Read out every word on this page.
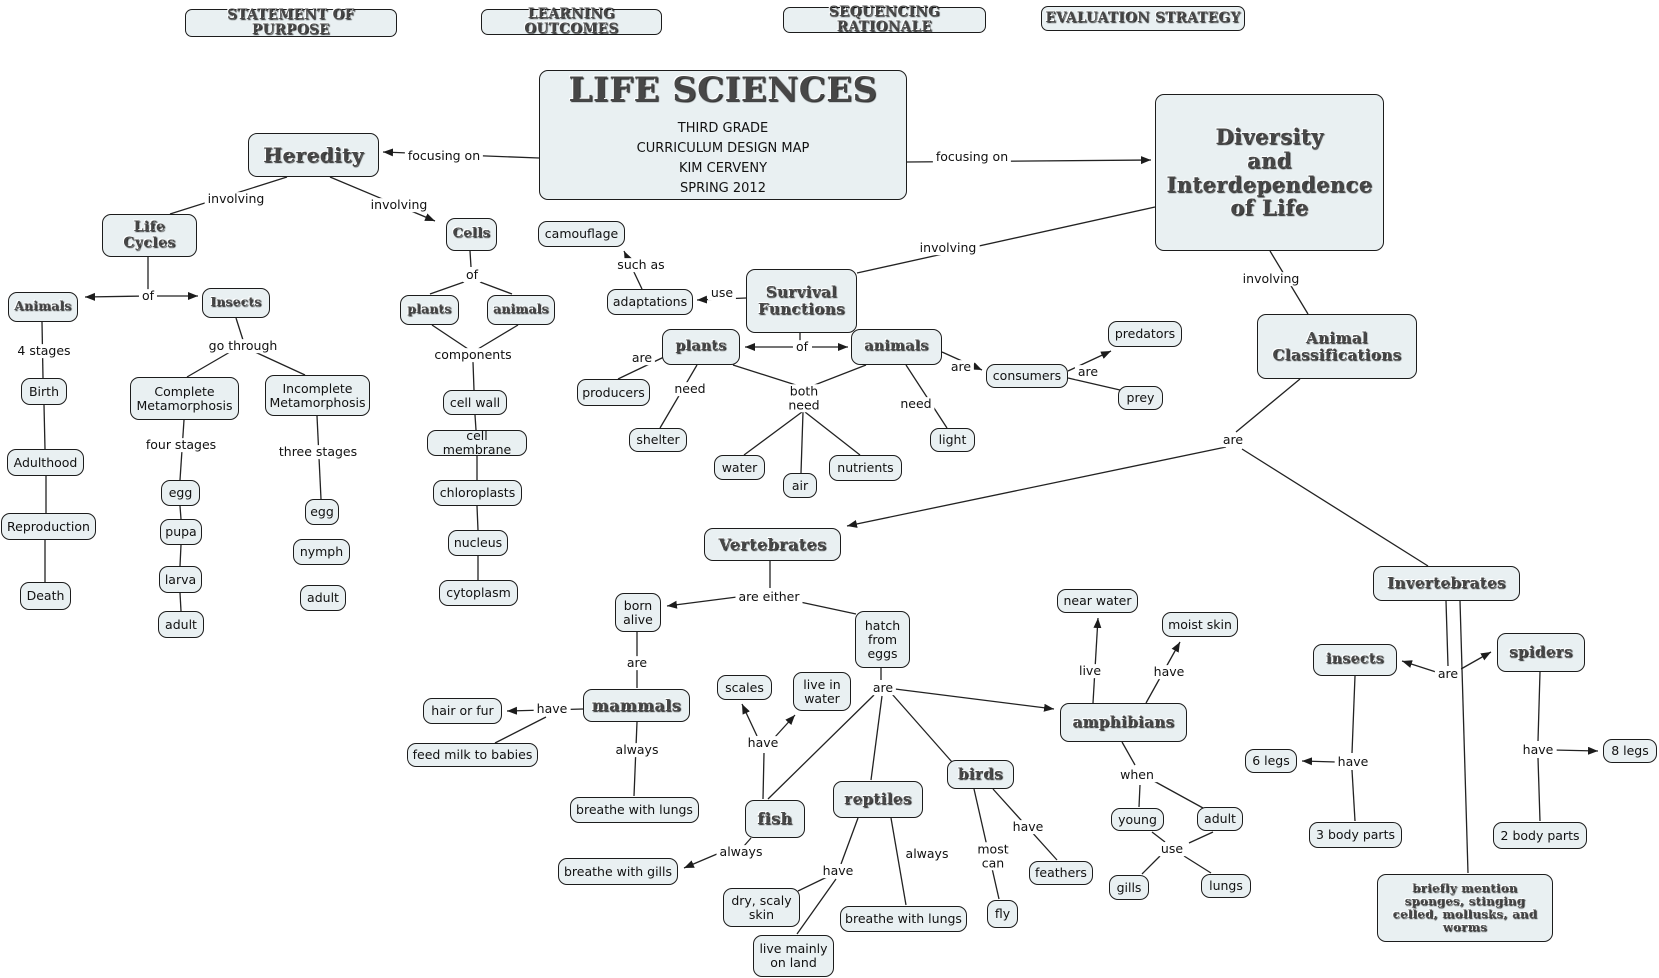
STATEMENT OF PURPOSE
LEARNING OUTCOMES
SEQUENCING RATIONALE
EVALUATION STRATEGY
LIFE SCIENCES
THIRD GRADE
CURRICULUM DESIGN MAP
KIM CERVENY
SPRING 2012
Heredity
Diversity
and
Interdependence
of Life
Life Cycles
Cells	camouflage
adaptations
Survival
Functions
Animals	Insects
Birth
Adulthood
Reproduction
Death
Complete Metamorphosis
Incomplete Metamorphosis
egg
pupa
larva
adult
egg
nymph
adult
plants	animals
cell wall
cell membrane
chloroplasts
nucleus
cytoplasm
plants	animals
producers
shelter
water
air
nutrients
light
consumers
predators
prey
Animal
Classifications
Vertebrates
Invertebrates
born alive	hatch from eggs
mammals
hair or fur
feed milk to babies
breathe with lungs
scales	live in water
fish
breathe with gills
reptiles
dry, scaly skin
live mainly on land
breathe with lungs
birds
fly
feathers
amphibians
near water
moist skin
young	adult
gills	lungs
insects	spiders
6 legs
3 body parts
8 legs
2 body parts
briefly mention sponges, stinging celled, mollusks, and worms
focusing on	focusing on
involving	involving
involving
involving
of
of
of
such as
use
are
need	both need	need
are	are
go through
four stages	three stages
4 stages	components
are
are either
are
are
have
always	have
always
have
always	most can
have
live	have
when
use
are
have
have
